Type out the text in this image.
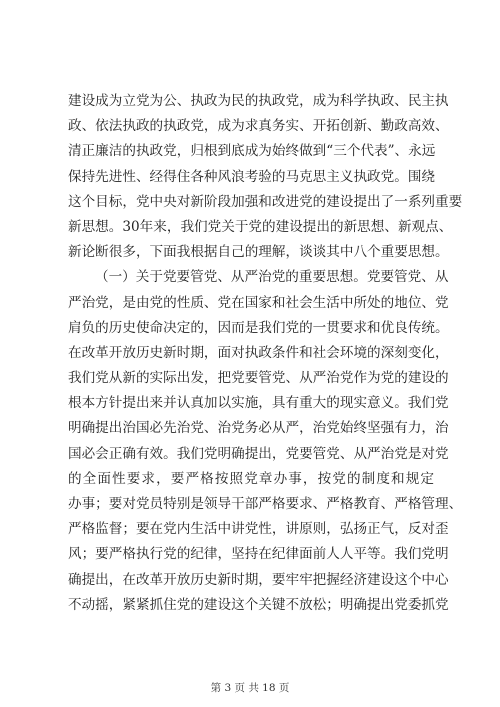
建设成为立党为公、执政为民的执政党，成为科学执政、民主执
政、依法执政的执政党，成为求真务实、开拓创新、勤政高效、
清正廉洁的执政党，归根到底成为始终做到“三个代表”、永远
保持先进性、经得住各种风浪考验的马克思主义执政党。围绕
这个目标，党中央对新阶段加强和改进党的建设提出了一系列重要
新思想。30年来，我们党关于党的建设提出的新思想、新观点、
新论断很多，下面我根据自己的理解，谈谈其中八个重要思想。
（一）关于党要管党、从严治党的重要思想。党要管党、从
严治党，是由党的性质、党在国家和社会生活中所处的地位、党
肩负的历史使命决定的，因而是我们党的一贯要求和优良传统。
在改革开放历史新时期，面对执政条件和社会环境的深刻变化，
我们党从新的实际出发，把党要管党、从严治党作为党的建设的
根本方针提出来并认真加以实施，具有重大的现实意义。我们党
明确提出治国必先治党、治党务必从严，治党始终坚强有力，治
国必会正确有效。我们党明确提出，党要管党、从严治党是对党
的全面性要求，要严格按照党章办事，按党的制度和规定
办事；要对党员特别是领导干部严格要求、严格教育、严格管理、
严格监督；要在党内生活中讲党性，讲原则，弘扬正气，反对歪
风；要严格执行党的纪律，坚持在纪律面前人人平等。我们党明
确提出，在改革开放历史新时期，要牢牢把握经济建设这个中心
不动摇，紧紧抓住党的建设这个关键不放松；明确提出党委抓党
第 3 页 共 18 页
